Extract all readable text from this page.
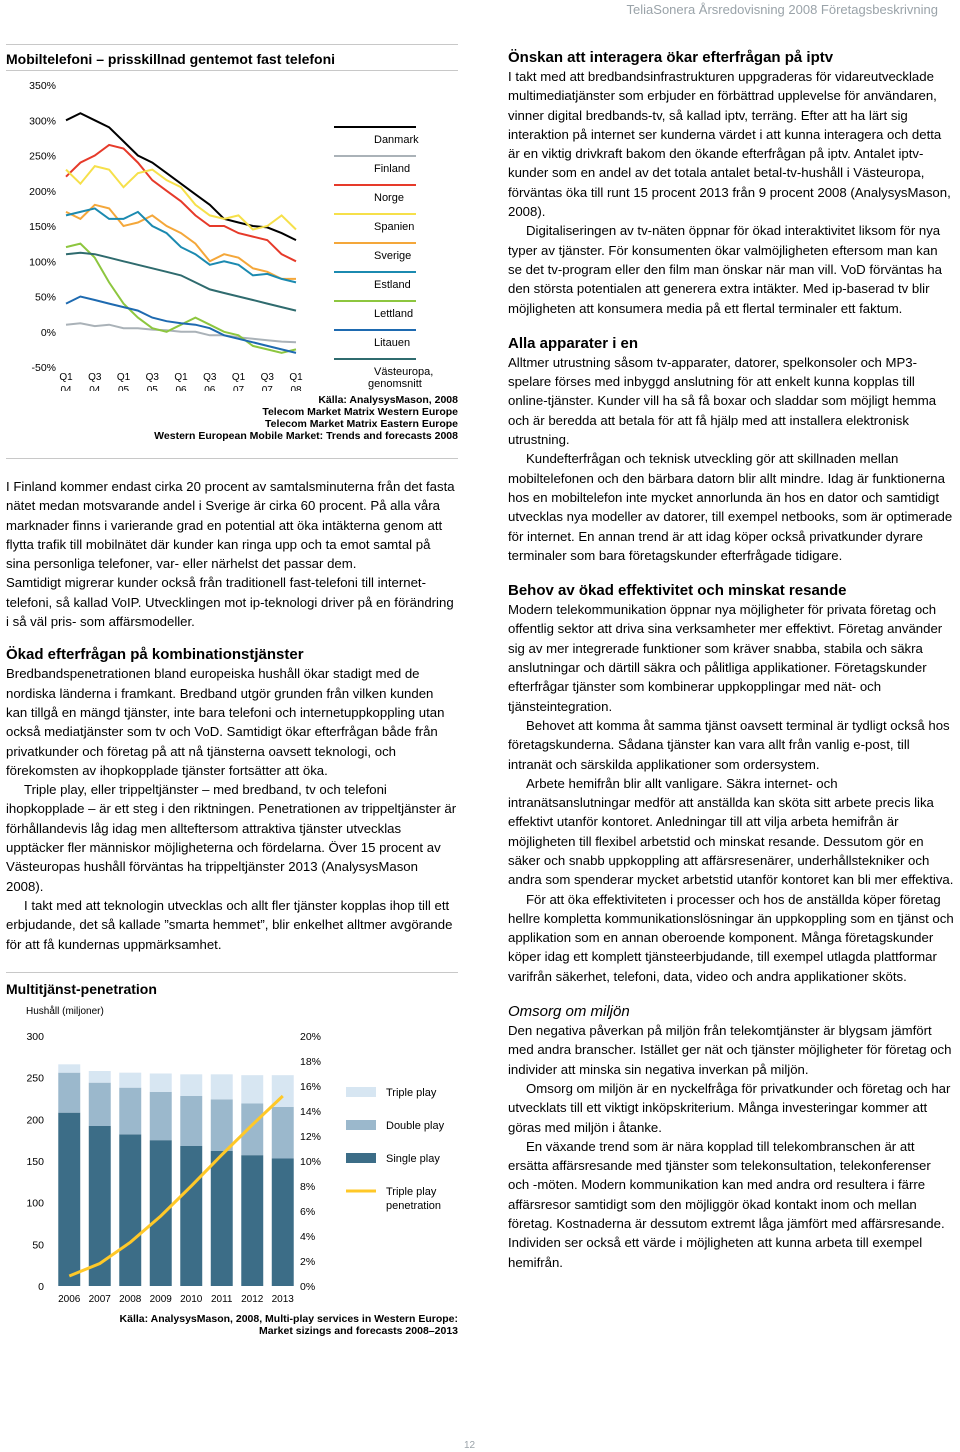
TeliaSonera Årsredovisning 2008 Företagsbeskrivning
Mobiltelefoni – prisskillnad gentemot fast telefoni
350%
300%
250%
200%
150%
100%
50%
0%
-50%
Q1
04
Q3
04
Q1
05
Q3
05
Q1
06
Q3
06
Q1
07
Q3
07
Q1
08
Danmark
Finland
Norge
Spanien
Sverige
Estland
Lettland
Litauen
Västeuropa,
genomsnitt
Källa: AnalysysMason, 2008
Telecom Market Matrix Western Europe
Telecom Market Matrix Eastern Europe
Western European Mobile Market: Trends and forecasts 2008

I Finland kommer endast cirka 20 procent av samtalsminuterna från det fasta nätet medan motsvarande andel i Sverige är cirka 60 procent. På alla våra marknader finns i varierande grad en potential att öka intäkterna genom att flytta trafik till mobilnätet där kunder kan ringa upp och ta emot samtal på sina personliga telefoner, var- eller närhelst det passar dem.

Samtidigt migrerar kunder också från traditionell fast-telefoni till internet-telefoni, så kallad VoIP. Utvecklingen mot ip-teknologi driver på en förändring i så väl pris- som affärsmodeller.

Ökad efterfrågan på kombinationstjänster

Bredbandspenetrationen bland europeiska hushåll ökar stadigt med de nordiska länderna i framkant. Bredband utgör grunden från vilken kunden kan tillgå en mängd tjänster, inte bara telefoni och internetuppkoppling utan också mediatjänster som tv och VoD. Samtidigt ökar efterfrågan både från privatkunder och företag på att nå tjänsterna oavsett teknologi, och förekomsten av ihopkopplade tjänster fortsätter att öka.

Triple play, eller trippeltjänster – med bredband, tv och telefoni ihopkopplade – är ett steg i den riktningen. Penetrationen av trippeltjänster är förhållandevis låg idag men allteftersom attraktiva tjänster utvecklas upptäcker fler människor möjligheterna och fördelarna. Över 15 procent av Västeuropas hushåll förväntas ha trippeltjänster 2013 (AnalysysMason 2008).

I takt med att teknologin utvecklas och allt fler tjänster kopplas ihop till ett erbjudande, det så kallade ”smarta hemmet”, blir enkelhet alltmer avgörande för att få kundernas uppmärksamhet.

Multitjänst-penetration
Hushåll (miljoner)
300
250
200
150
100
50
0
20%
18%
16%
14%
12%
10%
8%
6%
4%
2%
0%
2006 2007 2008 2009 2010 2011 2012 2013
Triple play
Double play
Single play
Triple play
penetration
Källa: AnalysysMason, 2008, Multi-play services in Western Europe:
Market sizings and forecasts 2008–2013
Önskan att interagera ökar efterfrågan på iptv

I takt med att bredbandsinfrastrukturen uppgraderas för vidareutvecklade multimediatjänster som erbjuder en förbättrad upplevelse för användaren, vinner digital bredbands-tv, så kallad iptv, terräng. Efter att ha lärt sig interaktion på internet ser kunderna värdet i att kunna interagera och detta är en viktig drivkraft bakom den ökande efterfrågan på iptv. Antalet iptv-kunder som en andel av det totala antalet betal-tv-hushåll i Västeuropa, förväntas öka till runt 15 procent 2013 från 9 procent 2008 (AnalysysMason, 2008).

Digitaliseringen av tv-näten öppnar för ökad interaktivitet liksom för nya typer av tjänster. För konsumenten ökar valmöjligheten eftersom man kan se det tv-program eller den film man önskar när man vill. VoD förväntas ha den största potentialen att generera extra intäkter. Med ip-baserad tv blir möjligheten att konsumera media på ett flertal terminaler ett faktum.

Alla apparater i en

Alltmer utrustning såsom tv-apparater, datorer, spelkonsoler och MP3-spelare förses med inbyggd anslutning för att enkelt kunna kopplas till online-tjänster. Kunder vill ha så få boxar och sladdar som möjligt hemma och är beredda att betala för att få hjälp med att installera elektronisk utrustning.

Kundefterfrågan och teknisk utveckling gör att skillnaden mellan mobiltelefonen och den bärbara datorn blir allt mindre. Idag är funktionerna hos en mobiltelefon inte mycket annorlunda än hos en dator och samtidigt utvecklas nya modeller av datorer, till exempel netbooks, som är optimerade för internet. En annan trend är att idag köper också privatkunder dyrare terminaler som bara företagskunder efterfrågade tidigare.

Behov av ökad effektivitet och minskat resande

Modern telekommunikation öppnar nya möjligheter för privata företag och offentlig sektor att driva sina verksamheter mer effektivt. Företag använder sig av mer integrerade funktioner som kräver snabba, stabila och säkra anslutningar och därtill säkra och pålitliga applikationer. Företagskunder efterfrågar tjänster som kombinerar uppkopplingar med nät- och tjänsteintegration.

Behovet att komma åt samma tjänst oavsett terminal är tydligt också hos företagskunderna. Sådana tjänster kan vara allt från vanlig e-post, till intranät och särskilda applikationer som ordersystem.

Arbete hemifrån blir allt vanligare. Säkra internet- och intranätsanslutningar medför att anställda kan sköta sitt arbete precis lika effektivt utanför kontoret. Anledningar till att vilja arbeta hemifrån är möjligheten till flexibel arbetstid och minskat resande. Dessutom gör en säker och snabb uppkoppling att affärsresenärer, underhållstekniker och andra som spenderar mycket arbetstid utanför kontoret kan bli mer effektiva.

För att öka effektiviteten i processer och hos de anställda köper företag hellre kompletta kommunikationslösningar än uppkoppling som en tjänst och applikation som en annan oberoende komponent. Många företagskunder köper idag ett komplett tjänsteerbjudande, till exempel utlagda plattformar varifrån säkerhet, telefoni, data, video och andra applikationer sköts.

Omsorg om miljön

Den negativa påverkan på miljön från telekomtjänster är blygsam jämfört med andra branscher. Istället ger nät och tjänster möjligheter för företag och individer att minska sin negativa inverkan på miljön.

Omsorg om miljön är en nyckelfråga för privatkunder och företag och har utvecklats till ett viktigt inköpskriterium. Många investeringar kommer att göras med miljön i åtanke.

En växande trend som är nära kopplad till telekombranschen är att ersätta affärsresande med tjänster som telekonsultation, telekonferenser och -möten. Modern kommunikation kan med andra ord resultera i färre affärsresor samtidigt som den möjliggör ökad kontakt inom och mellan företag. Kostnaderna är dessutom extremt låga jämfört med affärsresande. Individen ser också ett värde i möjligheten att kunna arbeta till exempel hemifrån.

12
